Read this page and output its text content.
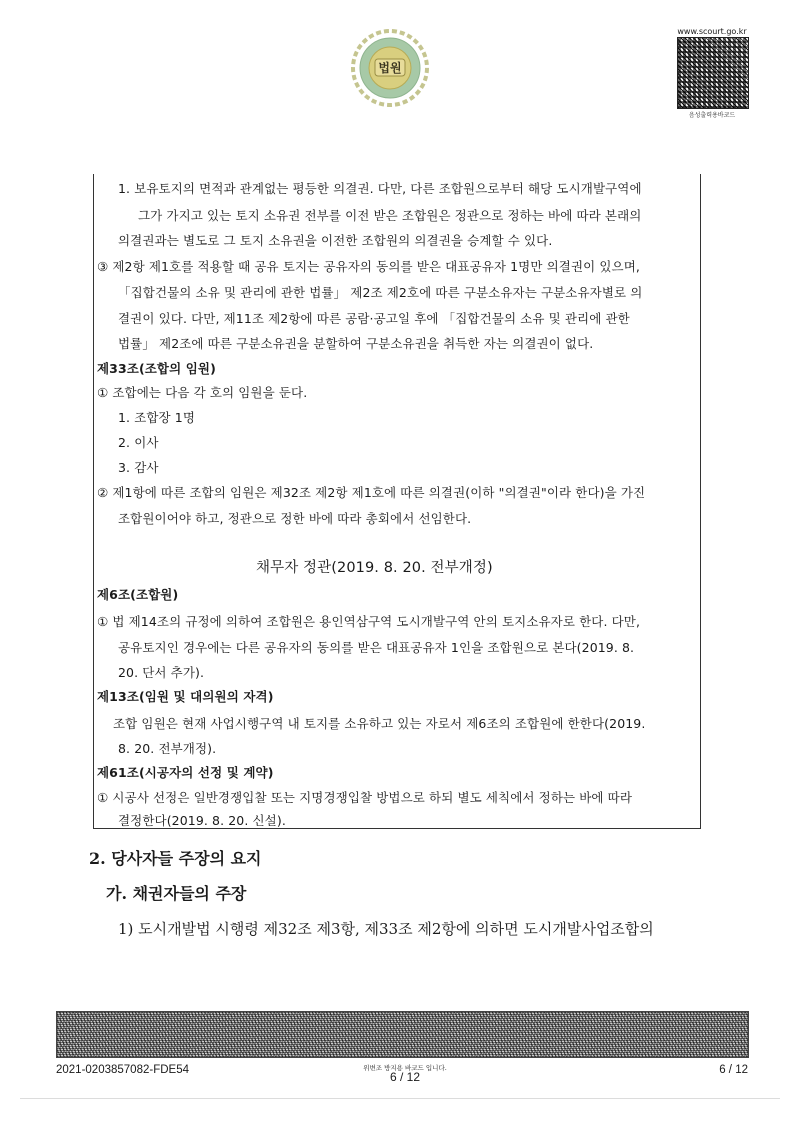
법원
www.scourt.go.kr
음성출력용바코드
1. 보유토지의 면적과 관계없는 평등한 의결권. 다만, 다른 조합원으로부터 해당 도시개발구역에
그가 가지고 있는 토지 소유권 전부를 이전 받은 조합원은 정관으로 정하는 바에 따라 본래의
의결권과는 별도로 그 토지 소유권을 이전한 조합원의 의결권을 승계할 수 있다.
③ 제2항 제1호를 적용할 때 공유 토지는 공유자의 동의를 받은 대표공유자 1명만 의결권이 있으며,
「집합건물의 소유 및 관리에 관한 법률」 제2조 제2호에 따른 구분소유자는 구분소유자별로 의
결권이 있다. 다만, 제11조 제2항에 따른 공람·공고일 후에 「집합건물의 소유 및 관리에 관한
법률」 제2조에 따른 구분소유권을 분할하여 구분소유권을 취득한 자는 의결권이 없다.
제33조(조합의 임원)
① 조합에는 다음 각 호의 임원을 둔다.
1. 조합장 1명
2. 이사
3. 감사
② 제1항에 따른 조합의 임원은 제32조 제2항 제1호에 따른 의결권(이하 "의결권"이라 한다)을 가진
조합원이어야 하고, 정관으로 정한 바에 따라 총회에서 선임한다.
채무자 정관(2019. 8. 20. 전부개정)
제6조(조합원)
① 법 제14조의 규정에 의하여 조합원은 용인역삼구역 도시개발구역 안의 토지소유자로 한다. 다만,
공유토지인 경우에는 다른 공유자의 동의를 받은 대표공유자 1인을 조합원으로 본다(2019. 8.
20. 단서 추가).
제13조(임원 및 대의원의 자격)
조합 임원은 현재 사업시행구역 내 토지를 소유하고 있는 자로서 제6조의 조합원에 한한다(2019.
8. 20. 전부개정).
제61조(시공자의 선정 및 계약)
① 시공사 선정은 일반경쟁입찰 또는 지명경쟁입찰 방법으로 하되 별도 세칙에서 정하는 바에 따라
결정한다(2019. 8. 20. 신설).
2. 당사자들 주장의 요지
가. 채권자들의 주장
1) 도시개발법 시행령 제32조 제3항, 제33조 제2항에 의하면 도시개발사업조합의
2021-0203857082-FDE54	위변조 방지용 바코드 입니다.
6 / 12	6 / 12
